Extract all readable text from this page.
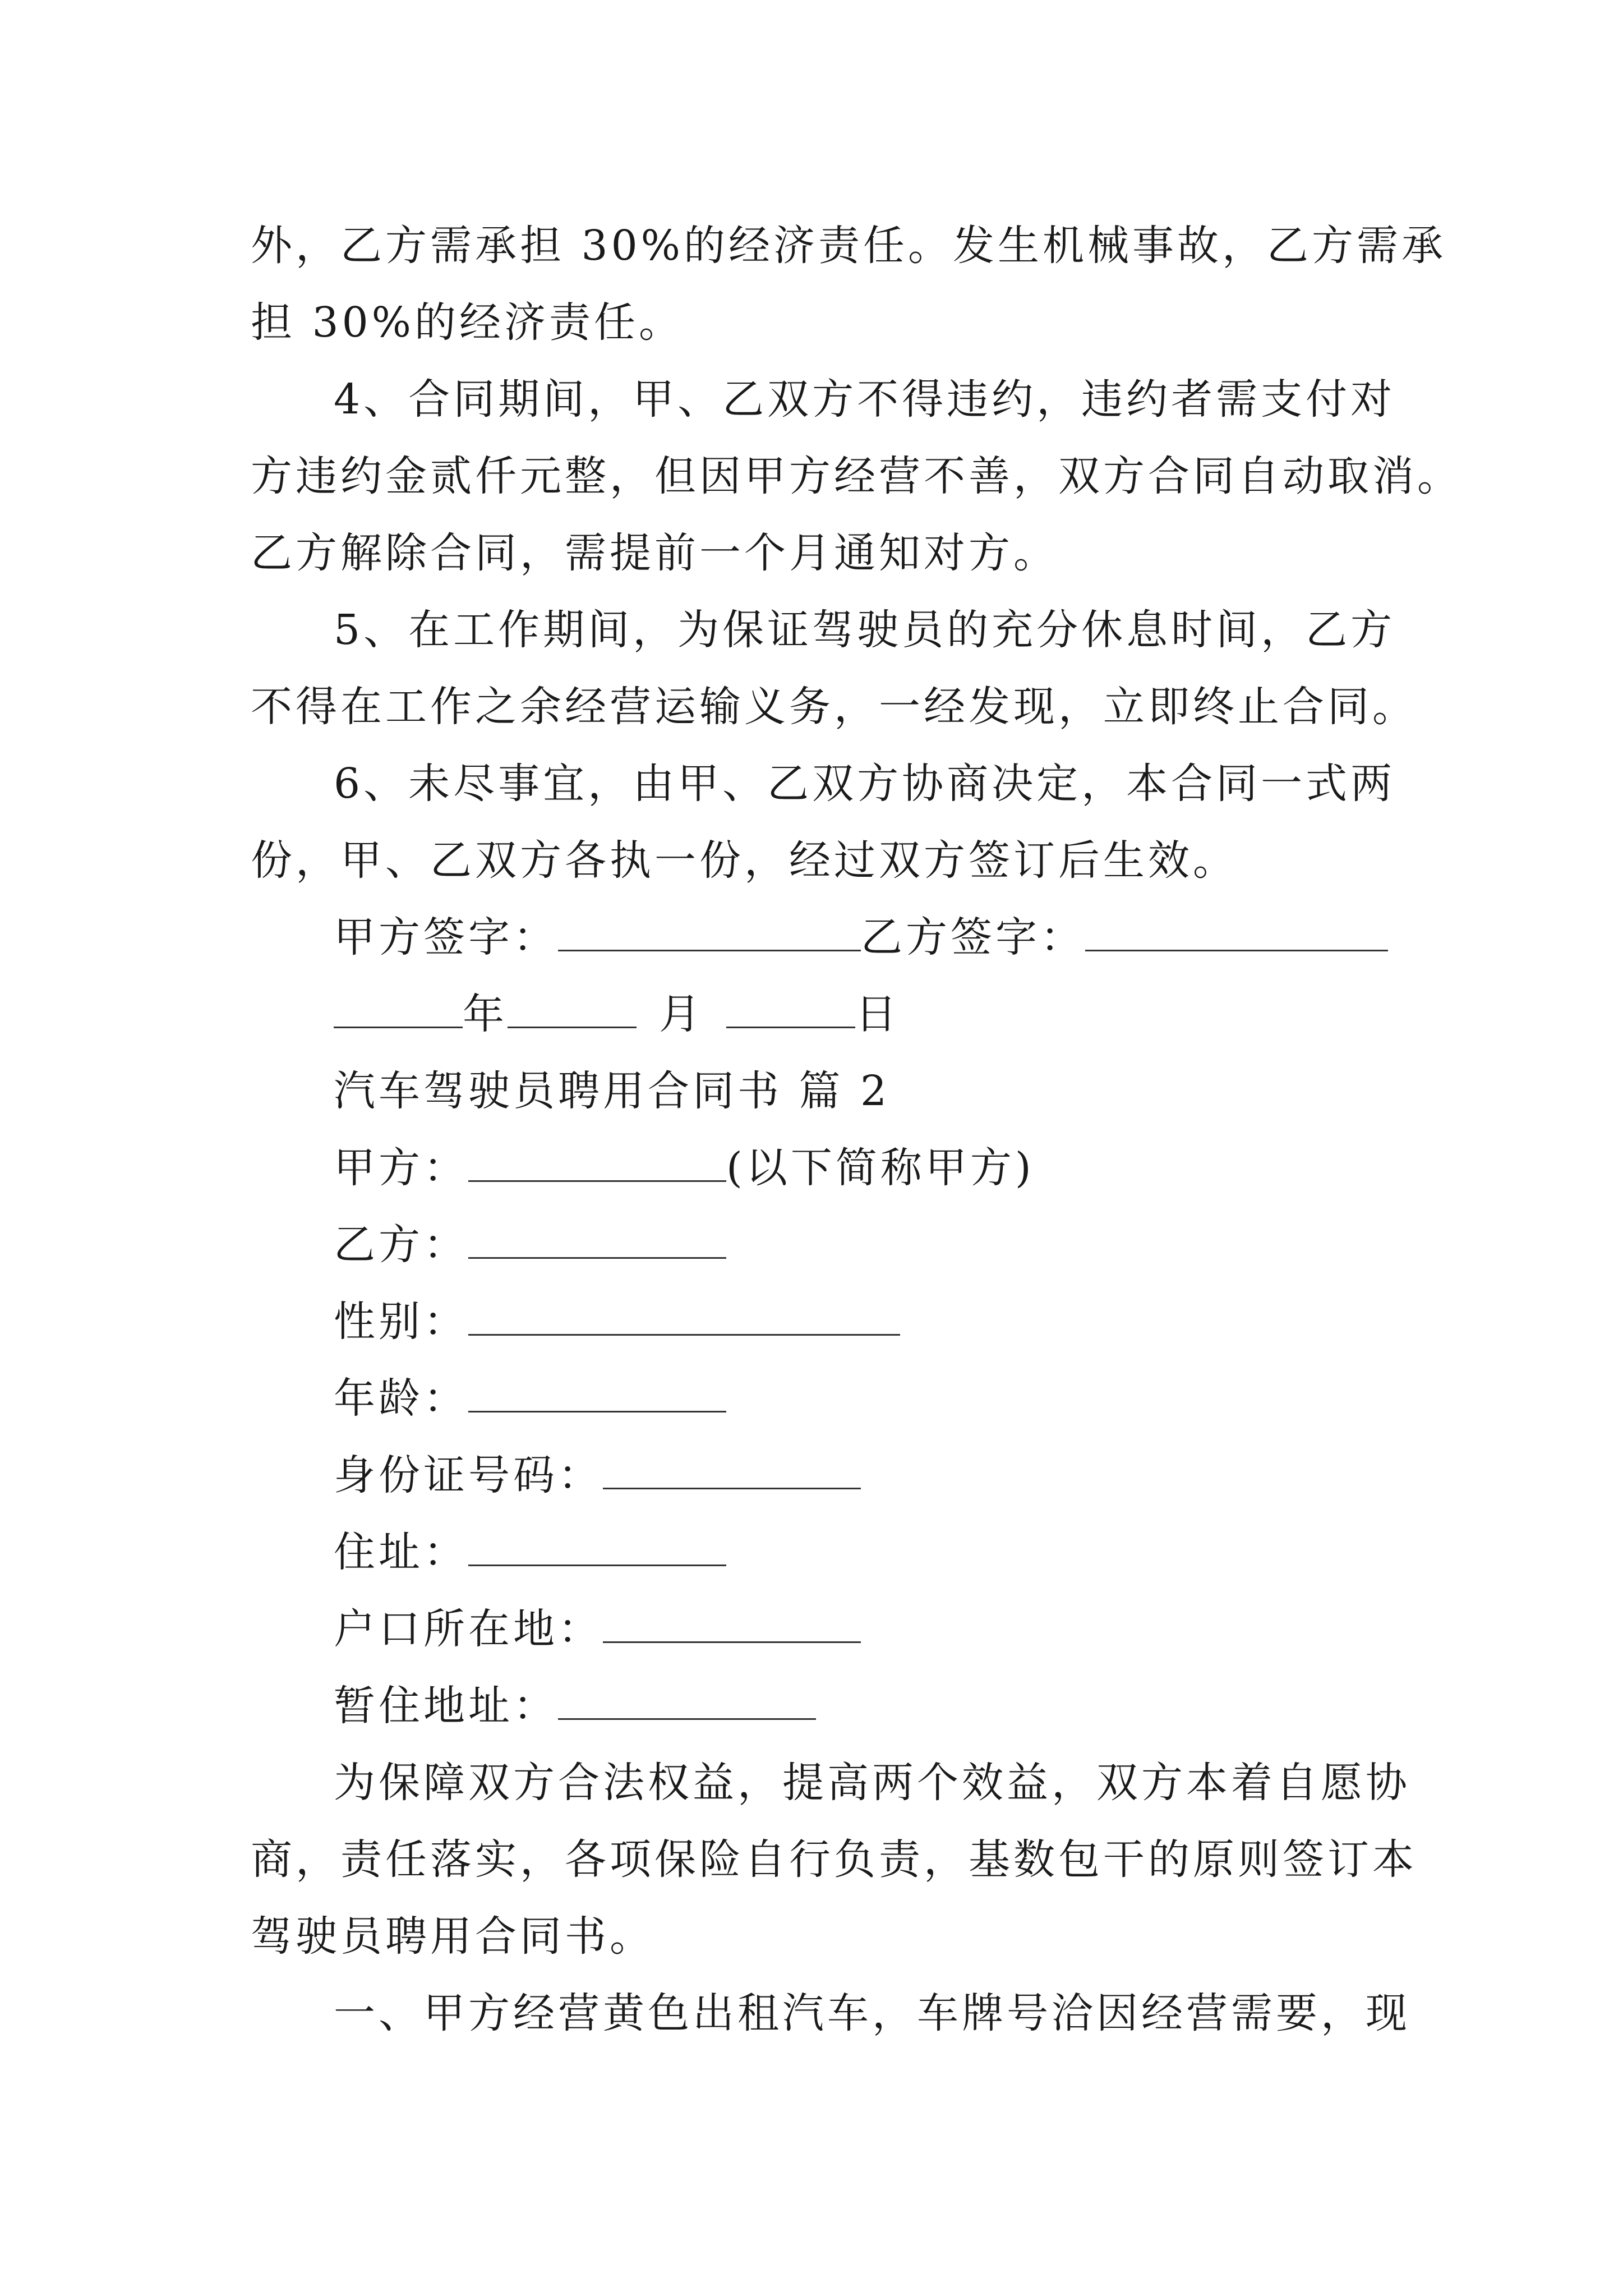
外，乙方需承担 30%的经济责任。发生机械事故，乙方需承
担 30%的经济责任。
4、合同期间，甲、乙双方不得违约，违约者需支付对
方违约金贰仟元整，但因甲方经营不善，双方合同自动取消。
乙方解除合同，需提前一个月通知对方。
5、在工作期间，为保证驾驶员的充分休息时间，乙方
不得在工作之余经营运输义务，一经发现，立即终止合同。
6、未尽事宜，由甲、乙双方协商决定，本合同一式两
份，甲、乙双方各执一份，经过双方签订后生效。
甲方签字：	乙方签字：
年	月	日
汽车驾驶员聘用合同书 篇 2
甲方：	(以下简称甲方)
乙方：
性别：
年龄：
身份证号码：
住址：
户口所在地：
暂住地址：
为保障双方合法权益，提高两个效益，双方本着自愿协
商，责任落实，各项保险自行负责，基数包干的原则签订本
驾驶员聘用合同书。
一、甲方经营黄色出租汽车，车牌号洽因经营需要，现
